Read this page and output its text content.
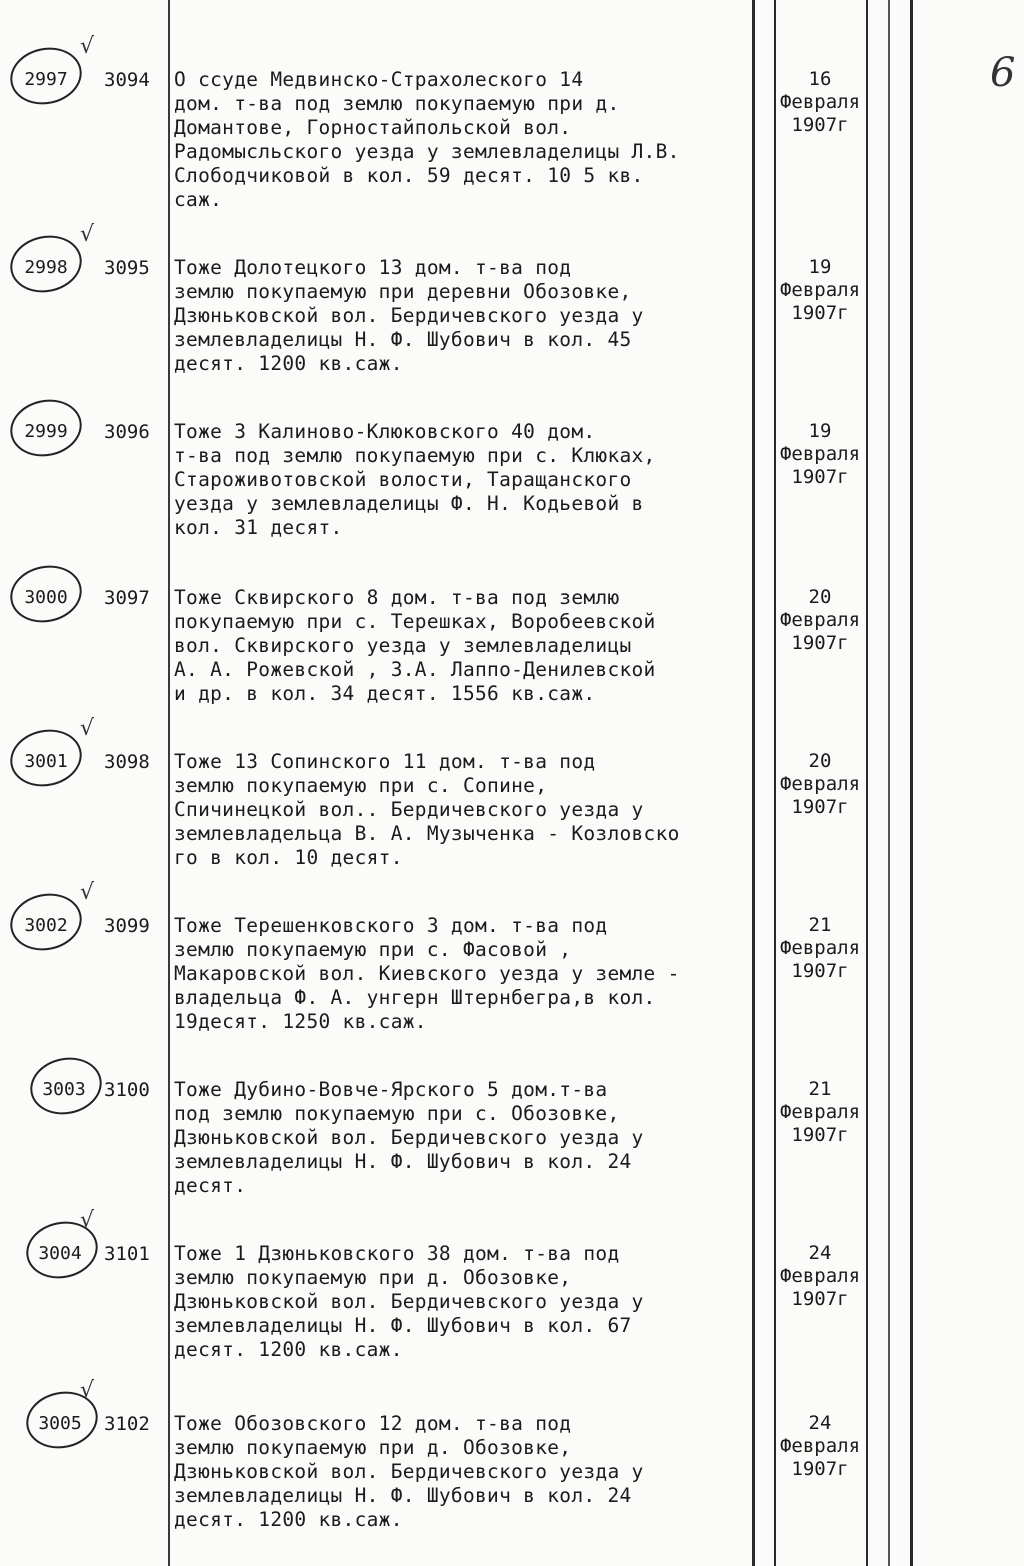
6
√
2997	3094 О ссуде Медвинско-Страхолеского 14
дом. т-ва под землю покупаемую при д.
Домантове, Горностайпольской вол.
Радомысльского уезда у землевладелицы Л.В.
Слободчиковой в кол. 59 десят. 10 5 кв.
саж.
16
Февраля
1907г
√
2998	3095 Тоже Долотецкого 13 дом. т-ва под
землю покупаемую при деревни Обозовке,
Дзюньковской вол. Бердичевского уезда у
землевладелицы Н. Ф. Шубович в кол. 45
десят. 1200 кв.саж.
19
Февраля
1907г
2999	3096 Тоже 3 Калиново-Клюковского 40 дом.
т-ва под землю покупаемую при с. Клюках,
Староживотовской волости, Таращанского
уезда у землевладелицы Ф. Н. Кодьевой в
кол. 31 десят.
19
Февраля
1907г
3000	3097 Тоже Сквирского 8 дом. т-ва под землю
покупаемую при с. Терешках, Воробеевской
вол. Сквирского уезда у землевладелицы
А. А. Рожевской , З.А. Лаппо-Денилевской
и др. в кол. 34 десят. 1556 кв.саж.
20
Февраля
1907г
√
3001	3098 Тоже 13 Сопинского 11 дом. т-ва под
землю покупаемую при с. Сопине,
Спичинецкой вол.. Бердичевского уезда у
землевладельца В. А. Музыченка - Козловско
го в кол. 10 десят.
20
Февраля
1907г
√
3002	3099 Тоже Терешенковского 3 дом. т-ва под
землю покупаемую при с. Фасовой ,
Макаровской вол. Киевского уезда у земле -
владельца Ф. А. унгерн Штернбегра,в кол.
19десят. 1250 кв.саж.
21
Февраля
1907г
3003 3100 Тоже Дубино-Вовче-Ярского 5 дом.т-ва
под землю покупаемую при с. Обозовке,
Дзюньковской вол. Бердичевского уезда у
землевладелицы Н. Ф. Шубович в кол. 24
десят.
21
Февраля
1907г
√
3004	3101 Тоже 1 Дзюньковского 38 дом. т-ва под
землю покупаемую при д. Обозовке,
Дзюньковской вол. Бердичевского уезда у
землевладелицы Н. Ф. Шубович в кол. 67
десят. 1200 кв.саж.
24
Февраля
1907г
√
3005	3102 Тоже Обозовского 12 дом. т-ва под
землю покупаемую при д. Обозовке,
Дзюньковской вол. Бердичевского уезда у
землевладелицы Н. Ф. Шубович в кол. 24
десят. 1200 кв.саж.
24
Февраля
1907г
